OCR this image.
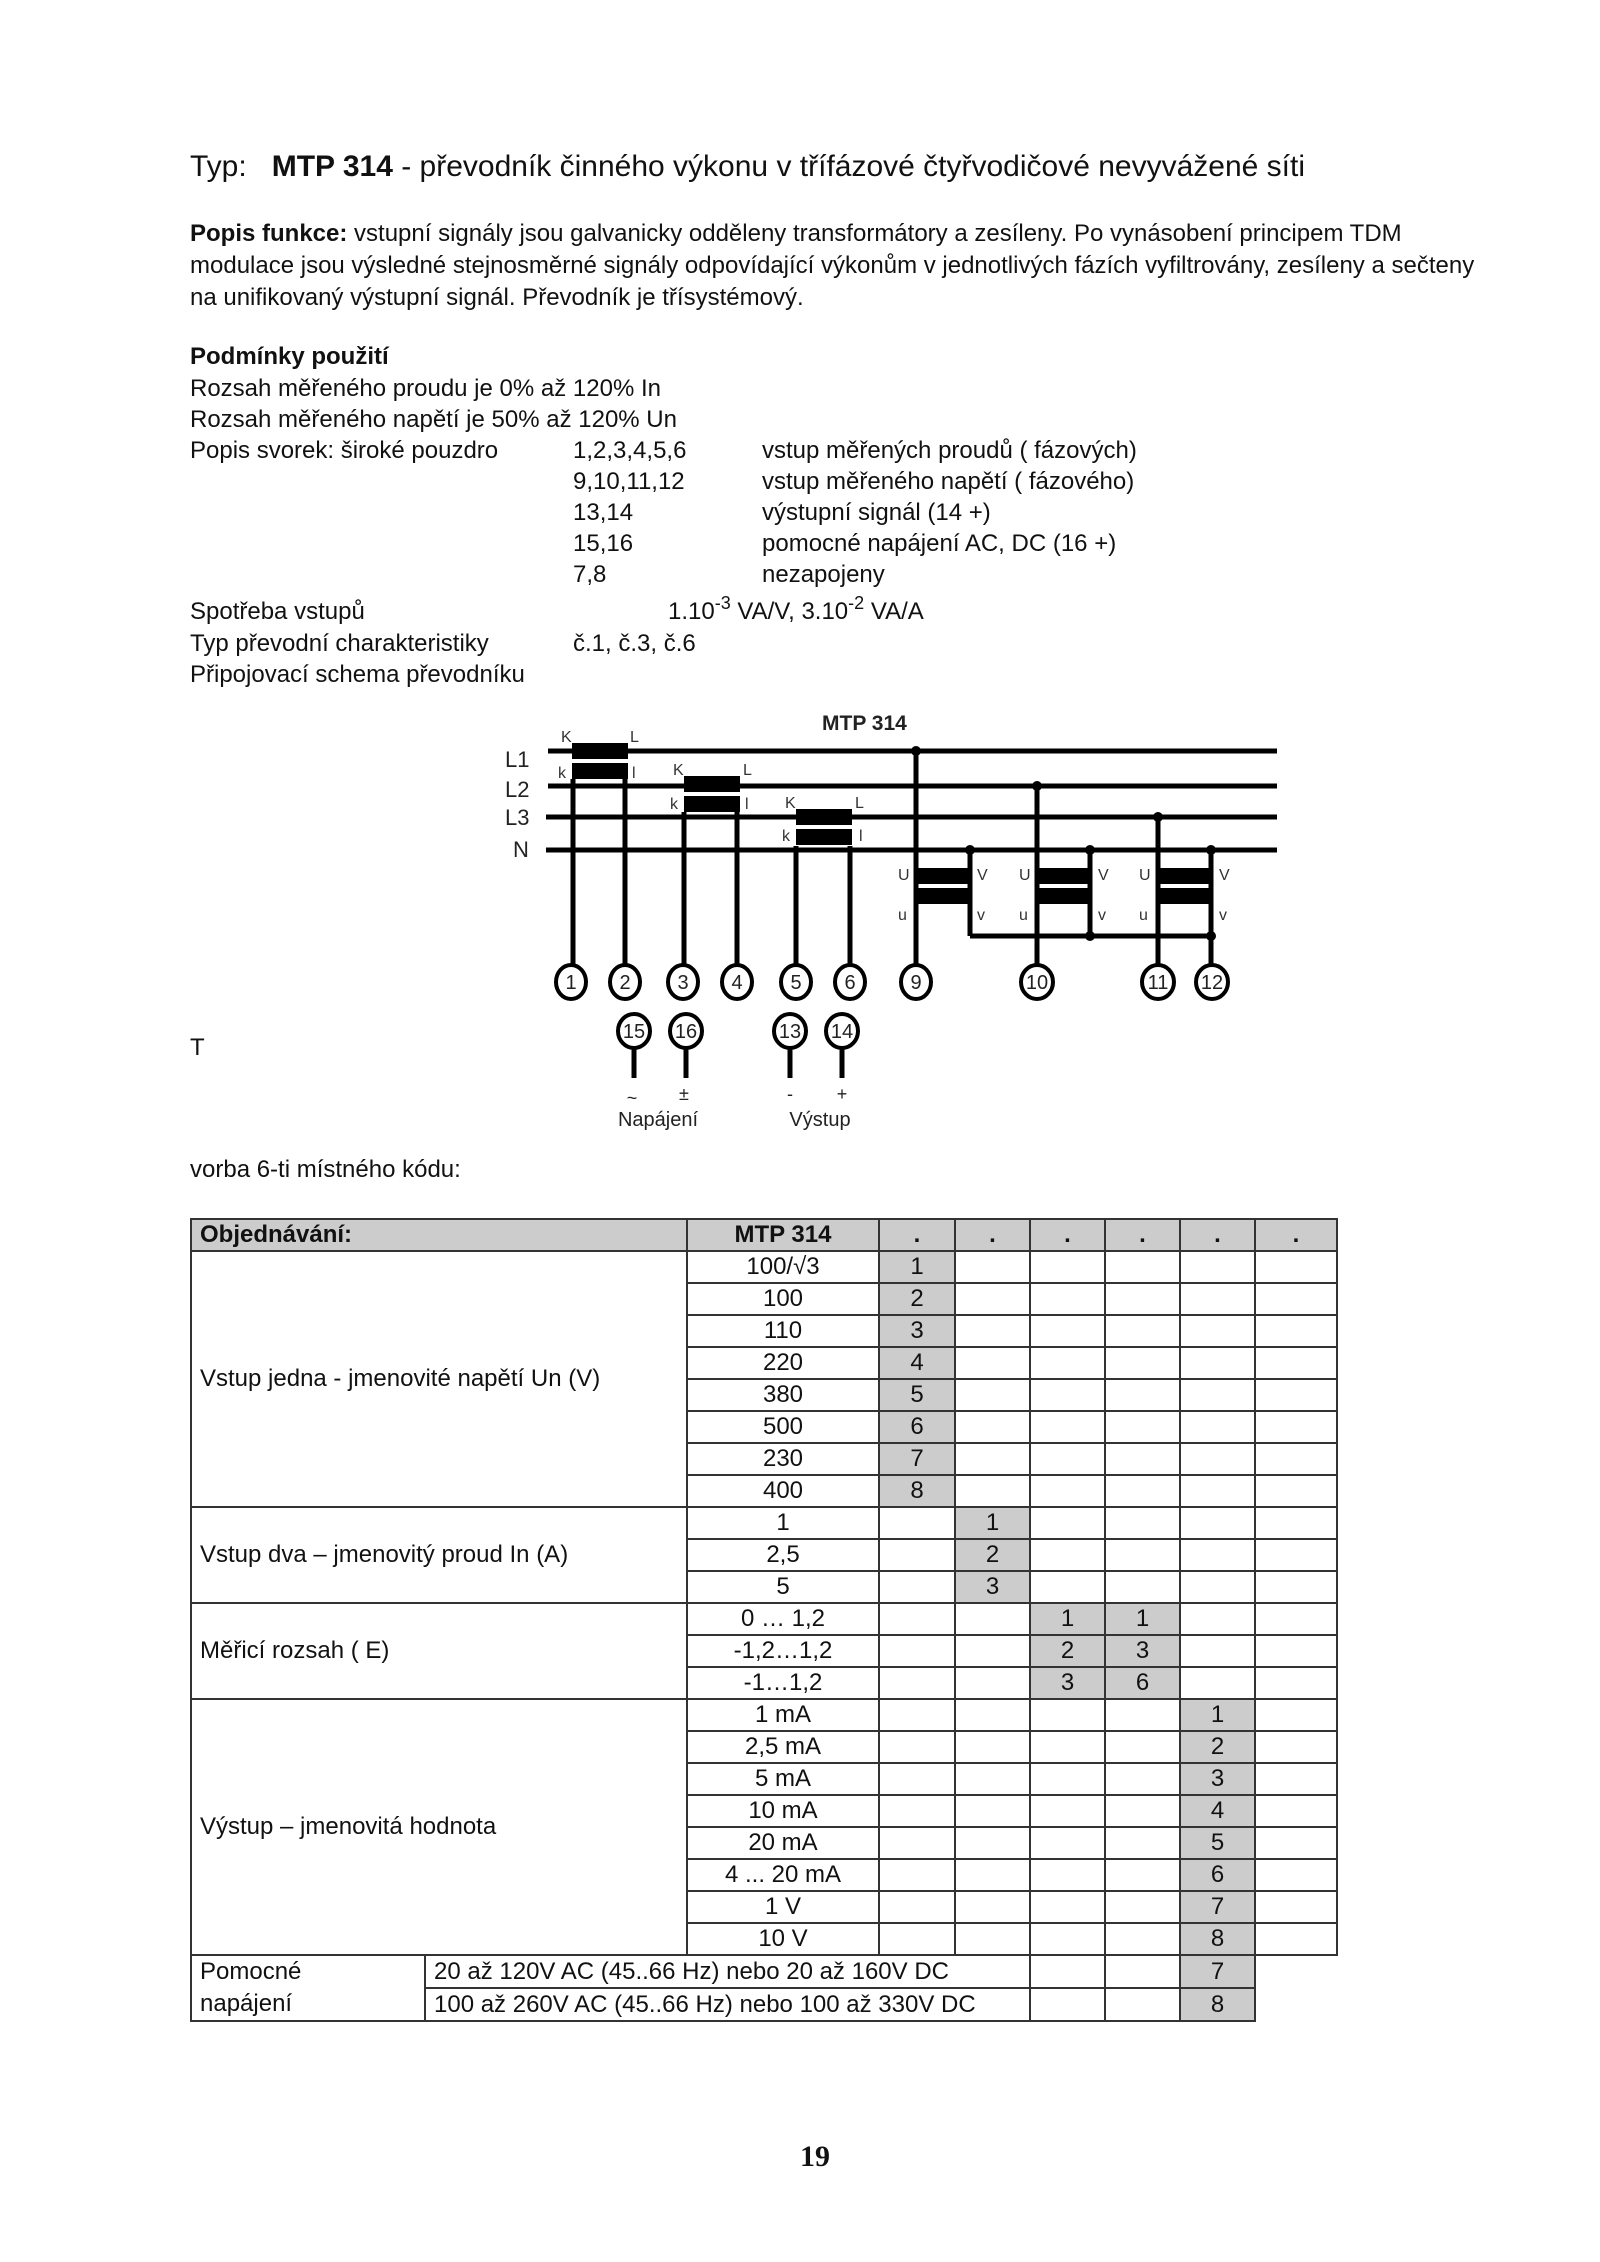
Typ: MTP 314 - převodník činného výkonu v třífázové čtyřvodičové nevyvážené síti
Popis funkce: vstupní signály jsou galvanicky odděleny transformátory a zesíleny. Po vynásobení principem TDM modulace jsou výsledné stejnosměrné signály odpovídající výkonům v jednotlivých fázích vyfiltrovány, zesíleny a sečteny na unifikovaný výstupní signál. Převodník je třísystémový.
Podmínky použití
Rozsah měřeného proudu je 0% až 120% In
Rozsah měřeného napětí je 50% až 120% Un
Popis svorek: široké pouzdro	1,2,3,4,5,6	vstup měřených proudů ( fázových)
9,10,11,12	vstup měřeného napětí ( fázového)
13,14	výstupní signál (14 +)
15,16	pomocné napájení AC, DC (16 +)
7,8	nezapojeny
Spotřeba vstupů	$1.10^{-3}$ VA/V, $3.10^{-2}$ VA/A
Typ převodní charakteristiky	č.1, č.3, č.6
Připojovací schema převodníku
L1
L2
L3
N
K	L
k	l K	L
k	l K	L
k	l
U	V
u	v
U	V
u	v
U	V
u	v
MTP 314
1 2 3 4 5 6	9	10	11 12
15 16	13 14
~ ±	- +
Napájení	Výstup
T
vorba 6-ti místného kódu:
Objednávání:		MTP 314	.	.	.	.	.	.
Vstup jedna - jmenovité napětí Un (V)		100/√3	1					
		100	2					
		110	3					
		220	4					
		380	5					
		500	6					
		230	7					
		400	8					
Vstup dva – jmenovitý proud In (A)		1		1				
		2,5		2				
		5		3				
Měřicí rozsah ( E)		0 … 1,2			1	1		
		-1,2…1,2			2	3		
		-1…1,2			3	6		
Výstup – jmenovitá hodnota		1 mA					1	
		2,5 mA					2	
		5 mA					3	
		10 mA					4	
		20 mA					5	
		4 ... 20 mA					6	
		1 V					7	
		10 V					8	
Pomocné
napájení	20 až 120V AC (45..66 Hz) nebo 20 až 160V DC						7	
	100 až 260V AC (45..66 Hz) nebo 100 až 330V DC						8	
19
